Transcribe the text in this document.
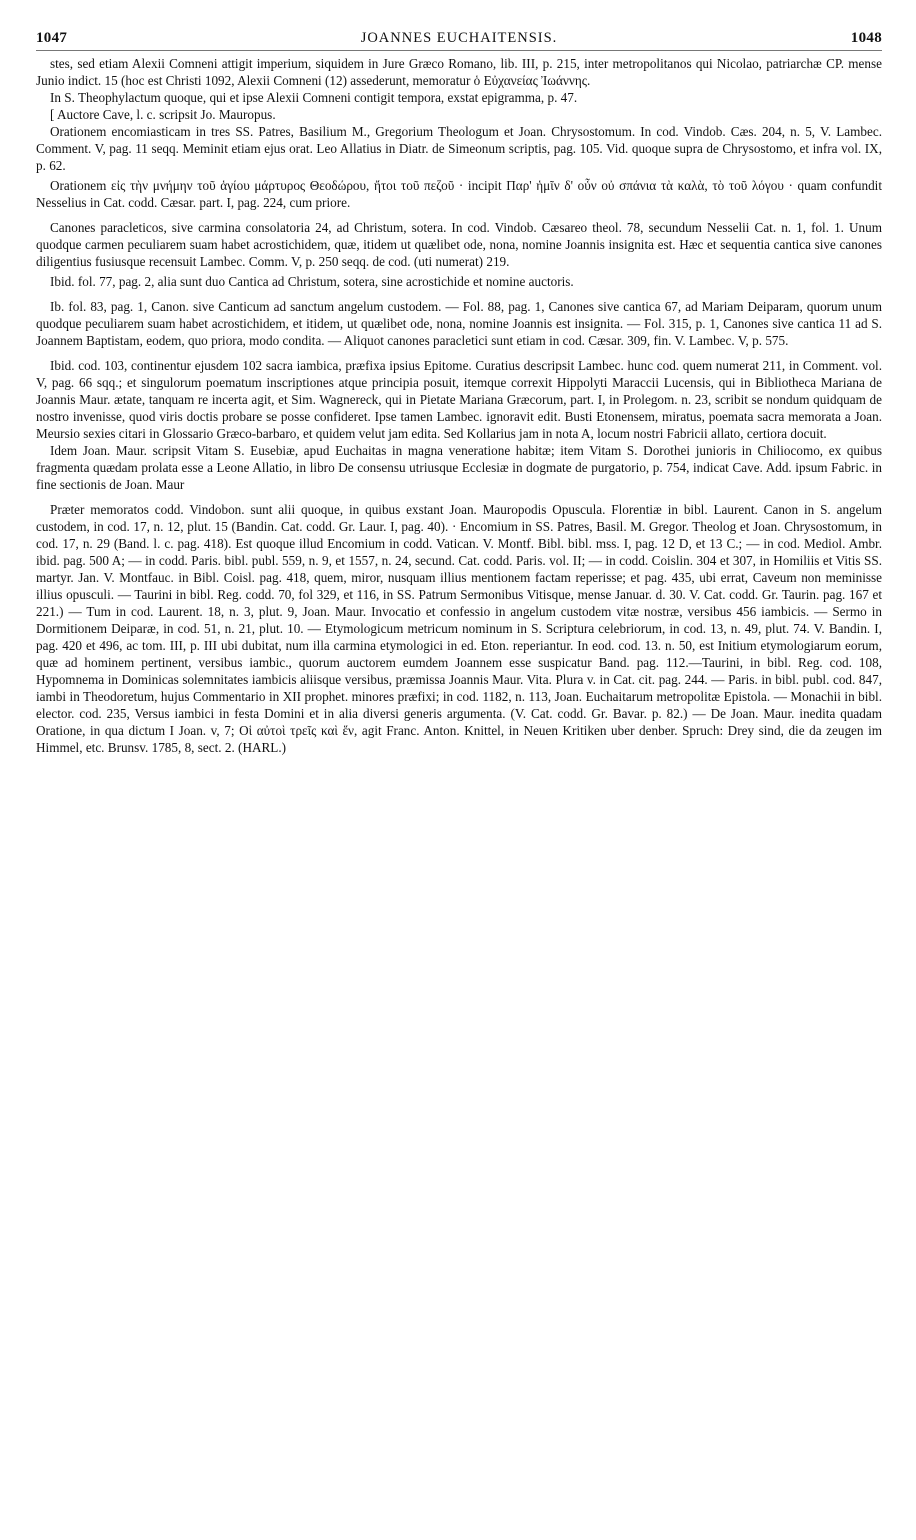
1047	JOANNES EUCHAITENSIS.	1048

stes, sed etiam Alexii Comneni attigit imperium, siquidem in Jure Græco Romano, lib. III, p. 215, inter metropolitanos qui Nicolao, patriarchæ CP. mense Junio indict. 15 (hoc est Christi 1092, Alexii Comneni (12) assederunt, memoratur ὁ Εὐχανείας Ἰωάννης.

In S. Theophylactum quoque, qui et ipse Alexii Comneni contigit tempora, exstat epigramma, p. 47.

[ Auctore Cave, l. c. scripsit Jo. Mauropus.

Orationem encomiasticam in tres SS. Patres, Basilium M., Gregorium Theologum et Joan. Chrysostomum. In cod. Vindob. Cæs. 204, n. 5, V. Lambec. Comment. V, pag. 11 seqq. Meminit etiam ejus orat. Leo Allatius in Diatr. de Simeonum scriptis, pag. 105. Vid. quoque supra de Chrysostomo, et infra vol. IX, p. 62.

Orationem εἰς τὴν μνήμην τοῦ ἁγίου μάρτυρος Θεοδώρου, ἤτοι τοῦ πεζοῦ · incipit Παρ' ἡμῖν δ' οὖν οὐ σπάνια τὰ καλὰ, τὸ τοῦ λόγου · quam confundit Nesselius in Cat. codd. Cæsar. part. I, pag. 224, cum priore.

Canones paracleticos, sive carmina consolatoria 24, ad Christum, sotera. In cod. Vindob. Cæsareo theol. 78, secundum Nesselii Cat. n. 1, fol. 1. Unum quodque carmen peculiarem suam habet acrostichidem, quæ, itidem ut quælibet ode, nona, nomine Joannis insignita est. Hæc et sequentia cantica sive canones diligentius fusiusque recensuit Lambec. Comm. V, p. 250 seqq. de cod. (uti numerat) 219.

Ibid. fol. 77, pag. 2, alia sunt duo Cantica ad Christum, sotera, sine acrostichide et nomine auctoris.

Ib. fol. 83, pag. 1, Canon. sive Canticum ad sanctum angelum custodem. — Fol. 88, pag. 1, Canones sive cantica 67, ad Mariam Deiparam, quorum unum quodque peculiarem suam habet acrostichidem, et itidem, ut quælibet ode, nona, nomine Joannis est insignita. — Fol. 315, p. 1, Canones sive cantica 11 ad S. Joannem Baptistam, eodem, quo priora, modo condita. — Aliquot canones paracletici sunt etiam in cod. Cæsar. 309, fin. V. Lambec. V, p. 575.

Ibid. cod. 103, continentur ejusdem 102 sacra iambica, præfixa ipsius Epitome. Curatius descripsit Lambec. hunc cod. quem numerat 211, in Comment. vol. V, pag. 66 sqq.; et singulorum poematum inscriptiones atque principia posuit, itemque correxit Hippolyti Maraccii Lucensis, qui in Bibliotheca Mariana de Joannis Maur. ætate, tanquam re incerta agit, et Sim. Wagnereck, qui in Pietate Mariana Græcorum, part. I, in Prolegom. n. 23, scribit se nondum quidquam de nostro invenisse, quod viris doctis probare se posse confideret. Ipse tamen Lambec. ignoravit edit. Busti Etonensem, miratus, poemata sacra memorata a Joan. Meursio sexies citari in Glossario Græco-barbaro, et quidem velut jam edita. Sed Kollarius jam in nota A, locum nostri Fabricii allato, certiora docuit.

Idem Joan. Maur. scripsit Vitam S. Eusebiæ, apud Euchaitas in magna veneratione habitæ; item Vitam S. Dorothei junioris in Chiliocomo, ex quibus fragmenta quædam prolata esse a Leone Allatio, in libro De consensu utriusque Ecclesiæ in dogmate de purgatorio, p. 754, indicat Cave. Add. ipsum Fabric. in fine sectionis de Joan. Maur

Præter memoratos codd. Vindobon. sunt alii quoque, in quibus exstant Joan. Mauropodis Opuscula. Florentiæ in bibl. Laurent. Canon in S. angelum custodem, in cod. 17, n. 12, plut. 15 (Bandin. Cat. codd. Gr. Laur. I, pag. 40). · Encomium in SS. Patres, Basil. M. Gregor. Theolog et Joan. Chrysostomum, in cod. 17, n. 29 (Band. l. c. pag. 418). Est quoque illud Encomium in codd. Vatican. V. Montf. Bibl. bibl. mss. I, pag. 12 D, et 13 C.; — in cod. Mediol. Ambr. ibid. pag. 500 A; — in codd. Paris. bibl. publ. 559, n. 9, et 1557, n. 24, secund. Cat. codd. Paris. vol. II; — in codd. Coislin. 304 et 307, in Homiliis et Vitis SS. martyr. Jan. V. Montfauc. in Bibl. Coisl. pag. 418, quem, miror, nusquam illius mentionem factam reperisse; et pag. 435, ubi errat, Caveum non meminisse illius opusculi. — Taurini in bibl. Reg. codd. 70, fol 329, et 116, in SS. Patrum Sermonibus Vitisque, mense Januar. d. 30. V. Cat. codd. Gr. Taurin. pag. 167 et 221.) — Tum in cod. Laurent. 18, n. 3, plut. 9, Joan. Maur. Invocatio et confessio in angelum custodem vitæ nostræ, versibus 456 iambicis. — Sermo in Dormitionem Deiparæ, in cod. 51, n. 21, plut. 10. — Etymologicum metricum nominum in S. Scriptura celebriorum, in cod. 13, n. 49, plut. 74. V. Bandin. I, pag. 420 et 496, ac tom. III, p. III ubi dubitat, num illa carmina etymologici in ed. Eton. reperiantur. In eod. cod. 13. n. 50, est Initium etymologiarum eorum, quæ ad hominem pertinent, versibus iambic., quorum auctorem eumdem Joannem esse suspicatur Band. pag. 112.—Taurini, in bibl. Reg. cod. 108, Hypomnema in Dominicas solemnitates iambicis aliisque versibus, præmissa Joannis Maur. Vita. Plura v. in Cat. cit. pag. 244. — Paris. in bibl. publ. cod. 847, iambi in Theodoretum, hujus Commentario in XII prophet. minores præfixi; in cod. 1182, n. 113, Joan. Euchaitarum metropolitæ Epistola. — Monachii in bibl. elector. cod. 235, Versus iambici in festa Domini et in alia diversi generis argumenta. (V. Cat. codd. Gr. Bavar. p. 82.) — De Joan. Maur. inedita quadam Oratione, in qua dictum I Joan. v, 7; Οἱ αὐτοὶ τρεῖς καὶ ἕν, agit Franc. Anton. Knittel, in Neuen Kritiken uber denber. Spruch: Drey sind, die da zeugen im Himmel, etc. Brunsv. 1785, 8, sect. 2. (HARL.)
